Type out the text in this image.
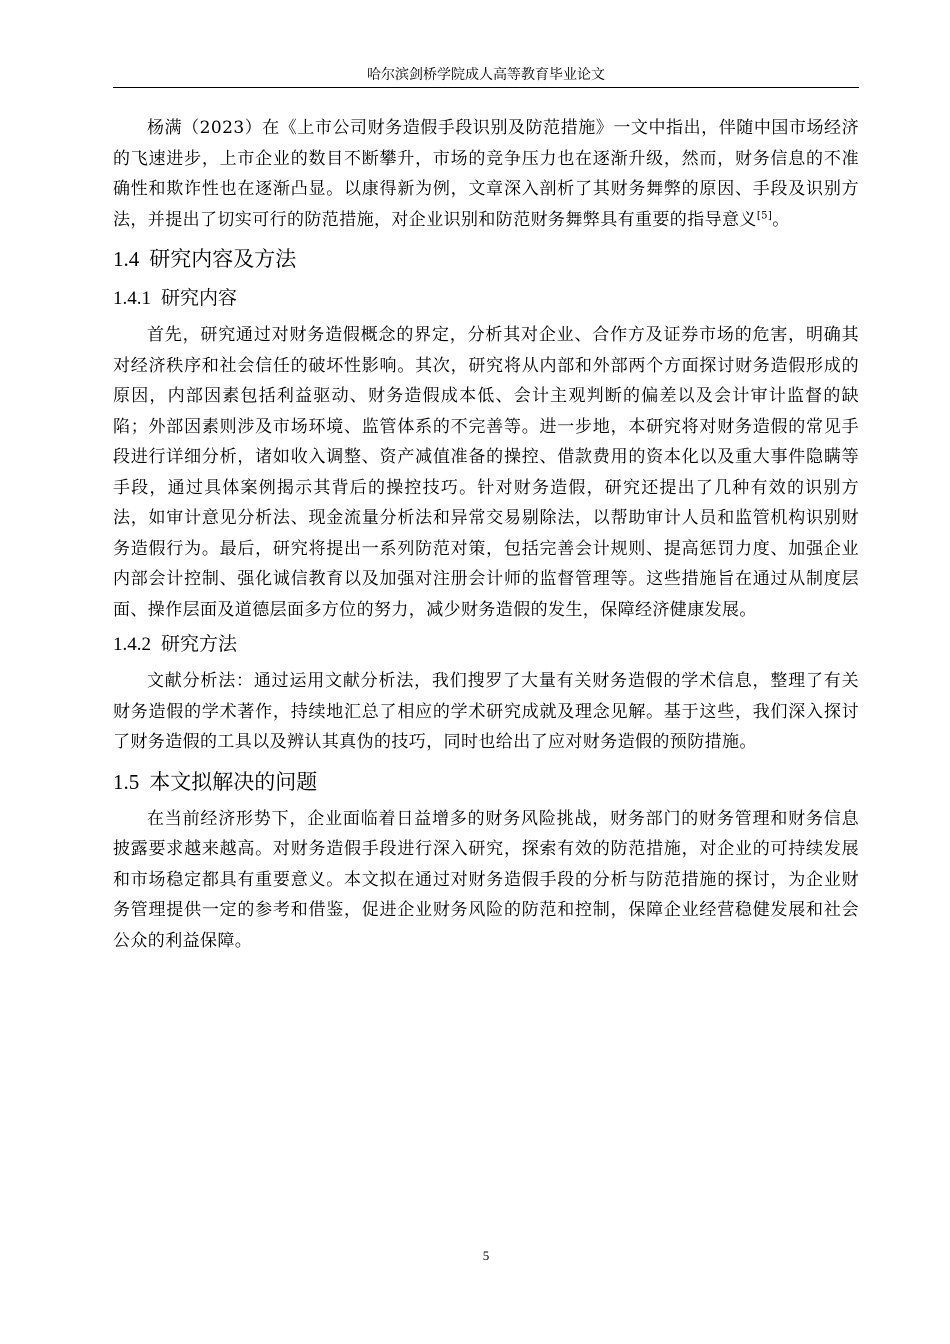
哈尔滨剑桥学院成人高等教育毕业论文

杨满（2023）在《上市公司财务造假手段识别及防范措施》一文中指出，伴随中国市场经济的飞速进步，上市企业的数目不断攀升，市场的竞争压力也在逐渐升级，然而，财务信息的不准确性和欺诈性也在逐渐凸显。以康得新为例，文章深入剖析了其财务舞弊的原因、手段及识别方法，并提出了切实可行的防范措施，对企业识别和防范财务舞弊具有重要的指导意义[5]。

1.4 研究内容及方法
1.4.1 研究内容

首先，研究通过对财务造假概念的界定，分析其对企业、合作方及证券市场的危害，明确其对经济秩序和社会信任的破坏性影响。其次，研究将从内部和外部两个方面探讨财务造假形成的原因，内部因素包括利益驱动、财务造假成本低、会计主观判断的偏差以及会计审计监督的缺陷；外部因素则涉及市场环境、监管体系的不完善等。进一步地，本研究将对财务造假的常见手段进行详细分析，诸如收入调整、资产减值准备的操控、借款费用的资本化以及重大事件隐瞒等手段，通过具体案例揭示其背后的操控技巧。针对财务造假，研究还提出了几种有效的识别方法，如审计意见分析法、现金流量分析法和异常交易剔除法，以帮助审计人员和监管机构识别财务造假行为。最后，研究将提出一系列防范对策，包括完善会计规则、提高惩罚力度、加强企业内部会计控制、强化诚信教育以及加强对注册会计师的监督管理等。这些措施旨在通过从制度层面、操作层面及道德层面多方位的努力，减少财务造假的发生，保障经济健康发展。

1.4.2 研究方法

文献分析法：通过运用文献分析法，我们搜罗了大量有关财务造假的学术信息，整理了有关财务造假的学术著作，持续地汇总了相应的学术研究成就及理念见解。基于这些，我们深入探讨了财务造假的工具以及辨认其真伪的技巧，同时也给出了应对财务造假的预防措施。

1.5 本文拟解决的问题

在当前经济形势下，企业面临着日益增多的财务风险挑战，财务部门的财务管理和财务信息披露要求越来越高。对财务造假手段进行深入研究，探索有效的防范措施，对企业的可持续发展和市场稳定都具有重要意义。本文拟在通过对财务造假手段的分析与防范措施的探讨，为企业财务管理提供一定的参考和借鉴，促进企业财务风险的防范和控制，保障企业经营稳健发展和社会公众的利益保障。

5
